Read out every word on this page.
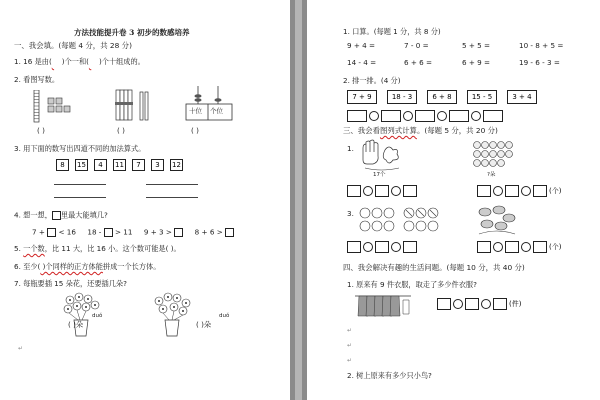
方法技能提升卷 3 初步的数感培养
一、我会填。(每题 4 分，共 28 分)
1. 16 是由( )个一和( )个十组成的。
2. 看图写数。
( )	( )
十位 个位
( )
3. 用下面的数写出四道不同的加法算式。
8	15	4	11	7	3	12
4. 想一想， 里最大能填几?
7 + < 16 18 - > 11 9 + 3 >	8 + 6 >
5. 一个数，比 11 大，比 16 小。这个数可能是( )。
6. 至少( )个同样的正方体能拼成一个长方体。
7. 每瓶要插 15 朵花，还要插几朵?
duǒ
( )朵
duǒ
( )朵
↵
1. 口算。(每题 1 分，共 8 分)
9 + 4 =	7 - 0 =	5 + 5 =	10 - 8 + 5 =
14 - 4 =	6 + 6 =	6 + 9 =	19 - 6 - 3 =
2. 排一排。(4 分)
7 + 9	18 - 3	6 + 8	15 - 5	3 + 4
三、我会看图列式计算。(每题 5 分，共 20 分)
1.
17个	?朵
(个)
3.
(个)
四、我会解决有趣的生活问题。(每题 10 分，共 40 分)
1. 原来有 9 件衣服，取走了多少件衣服?
(件)
↵
↵
↵
2. 树上原来有多少只小鸟?
